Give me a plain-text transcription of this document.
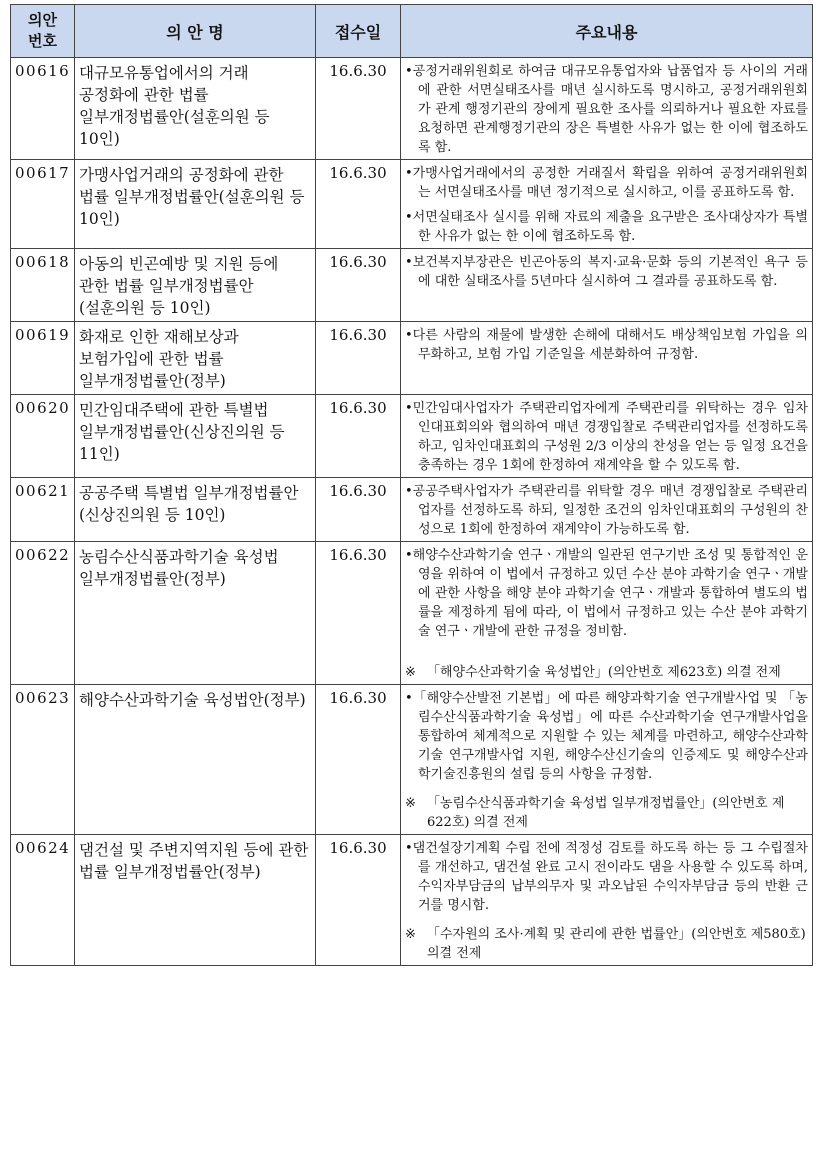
의안
번호	의 안 명	접수일	주요내용
00616	대규모유통업에서의 거래 공정화에 관한 법률 일부개정법률안(설훈의원 등 10인)	16.6.30	•공정거래위원회로 하여금 대규모유통업자와 납품업자 등 사이의 거래에 관한 서면실태조사를 매년 실시하도록 명시하고, 공정거래위원회가 관계 행정기관의 장에게 필요한 조사를 의뢰하거나 필요한 자료를 요청하면 관계행정기관의 장은 특별한 사유가 없는 한 이에 협조하도록 함.

00617	가맹사업거래의 공정화에 관한 법률 일부개정법률안(설훈의원 등 10인)	16.6.30	•가맹사업거래에서의 공정한 거래질서 확립을 위하여 공정거래위원회는 서면실태조사를 매년 정기적으로 실시하고, 이를 공표하도록 함.

•서면실태조사 실시를 위해 자료의 제출을 요구받은 조사대상자가 특별한 사유가 없는 한 이에 협조하도록 함.

00618	아동의 빈곤예방 및 지원 등에 관한 법률 일부개정법률안(설훈의원 등 10인)	16.6.30	•보건복지부장관은 빈곤아동의 복지·교육·문화 등의 기본적인 욕구 등에 대한 실태조사를 5년마다 실시하여 그 결과를 공표하도록 함.

00619	화재로 인한 재해보상과 보험가입에 관한 법률 일부개정법률안(정부)	16.6.30	•다른 사람의 재물에 발생한 손해에 대해서도 배상책임보험 가입을 의무화하고, 보험 가입 기준일을 세분화하여 규정함.

00620	민간임대주택에 관한 특별법 일부개정법률안(신상진의원 등 11인)	16.6.30	•민간임대사업자가 주택관리업자에게 주택관리를 위탁하는 경우 임차인대표회의와 협의하여 매년 경쟁입찰로 주택관리업자를 선정하도록 하고, 임차인대표회의 구성원 2/3 이상의 찬성을 얻는 등 일정 요건을 충족하는 경우 1회에 한정하여 재계약을 할 수 있도록 함.

00621	공공주택 특별법 일부개정법률안(신상진의원 등 10인)	16.6.30	•공공주택사업자가 주택관리를 위탁할 경우 매년 경쟁입찰로 주택관리업자를 선정하도록 하되, 일정한 조건의 임차인대표회의 구성원의 찬성으로 1회에 한정하여 재계약이 가능하도록 함.

00622	농림수산식품과학기술 육성법 일부개정법률안(정부)	16.6.30	•해양수산과학기술 연구ㆍ개발의 일관된 연구기반 조성 및 통합적인 운영을 위하여 이 법에서 규정하고 있던 수산 분야 과학기술 연구ㆍ개발에 관한 사항을 해양 분야 과학기술 연구ㆍ개발과 통합하여 별도의 법률을 제정하게 됨에 따라, 이 법에서 규정하고 있는 수산 분야 과학기술 연구ㆍ개발에 관한 규정을 정비함.

※ 「해양수산과학기술 육성법안」(의안번호 제623호) 의결 전제

00623	해양수산과학기술 육성법안(정부)	16.6.30	•「해양수산발전 기본법」에 따른 해양과학기술 연구개발사업 및 「농림수산식품과학기술 육성법」에 따른 수산과학기술 연구개발사업을 통합하여 체계적으로 지원할 수 있는 체계를 마련하고, 해양수산과학기술 연구개발사업 지원, 해양수산신기술의 인증제도 및 해양수산과학기술진흥원의 설립 등의 사항을 규정함.

※ 「농림수산식품과학기술 육성법 일부개정법률안」(의안번호 제622호) 의결 전제

00624	댐건설 및 주변지역지원 등에 관한 법률 일부개정법률안(정부)	16.6.30	•댐건설장기계획 수립 전에 적정성 검토를 하도록 하는 등 그 수립절차를 개선하고, 댐건설 완료 고시 전이라도 댐을 사용할 수 있도록 하며, 수익자부담금의 납부의무자 및 과오납된 수익자부담금 등의 반환 근거를 명시함.

※ 「수자원의 조사·계획 및 관리에 관한 법률안」(의안번호 제580호) 의결 전제
